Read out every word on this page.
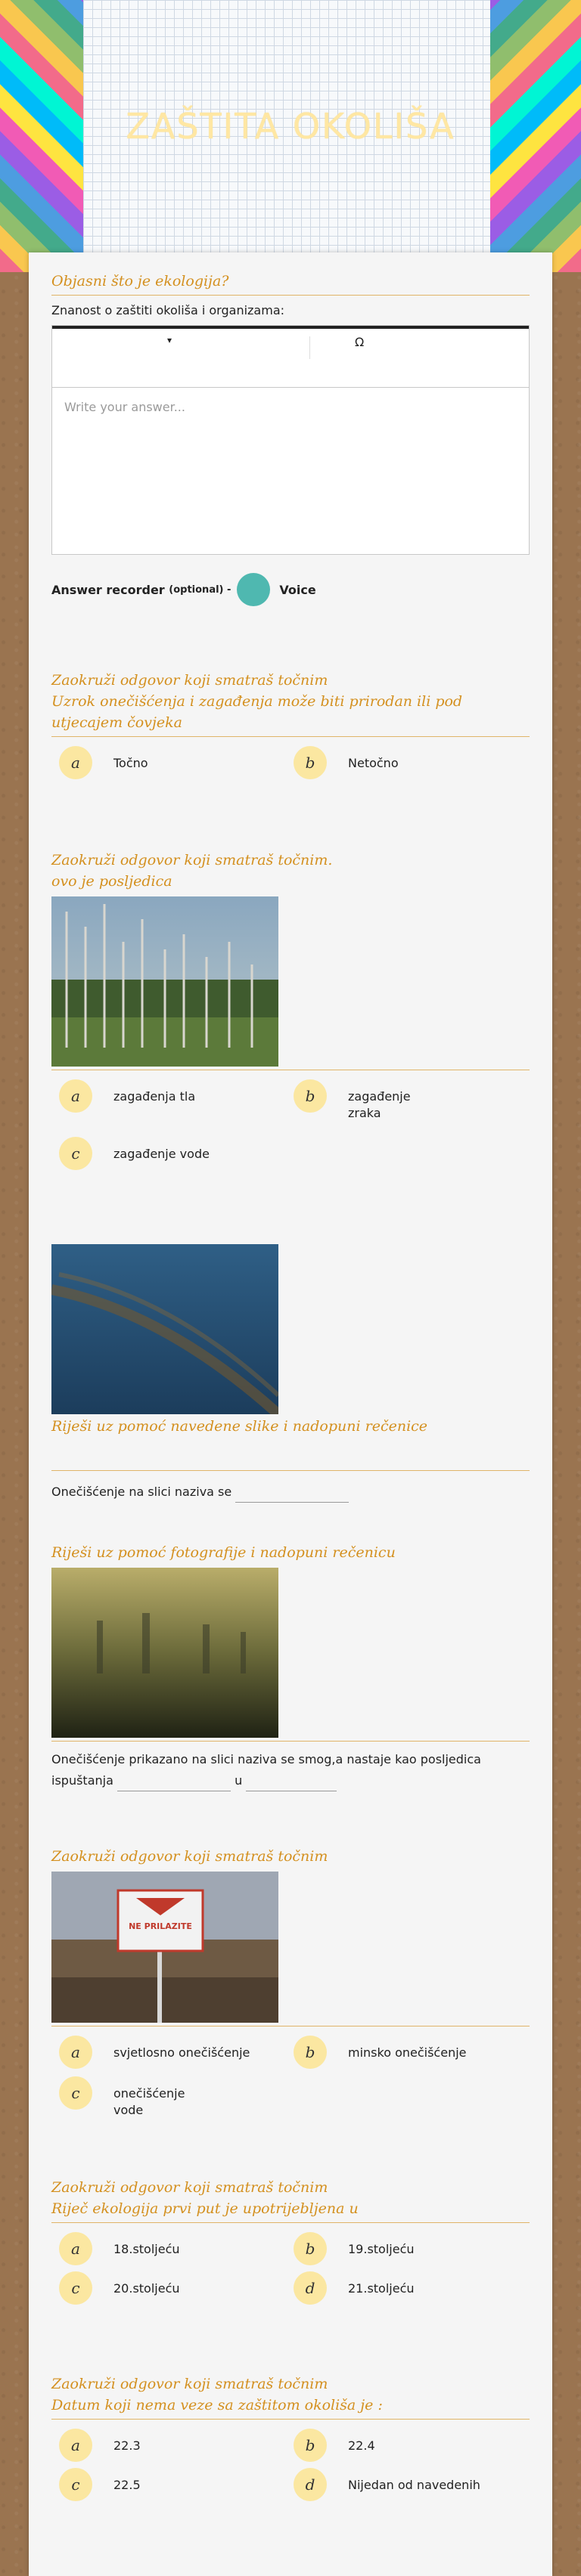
ZAŠTITA OKOLIŠA
Objasni što je ekologija?
Znanost o zaštiti okoliša i organizama:
▾	Ω
Write your answer...
Answer recorder
(optional) -	Voice
Zaokruži odgovor koji smatraš točnim
Uzrok onečišćenja i zagađenja može biti prirodan ili pod utjecajem čovjeka
a	Točno	b	Netočno
Zaokruži odgovor koji smatraš točnim.
ovo je posljedica
a	zagađenja tla	b	zagađenje zraka
c	zagađenje vode
Riješi uz pomoć navedene slike i nadopuni rečenice
Onečišćenje na slici naziva se
Riješi uz pomoć fotografije i nadopuni rečenicu
Onečišćenje prikazano na slici naziva se smog,a nastaje kao posljedica ispuštanja	u
Zaokruži odgovor koji smatraš točnim
NE PRILAZITE
a	svjetlosno onečišćenje	b	minsko onečišćenje
c	onečišćenje vode
Zaokruži odgovor koji smatraš točnim
Riječ ekologija prvi put je upotrijebljena u
a	18.stoljeću	b	19.stoljeću
c	20.stoljeću	d	21.stoljeću
Zaokruži odgovor koji smatraš točnim
Datum koji nema veze sa zaštitom okoliša je :
a	22.3	b	22.4
c	22.5	d	Nijedan od navedenih
